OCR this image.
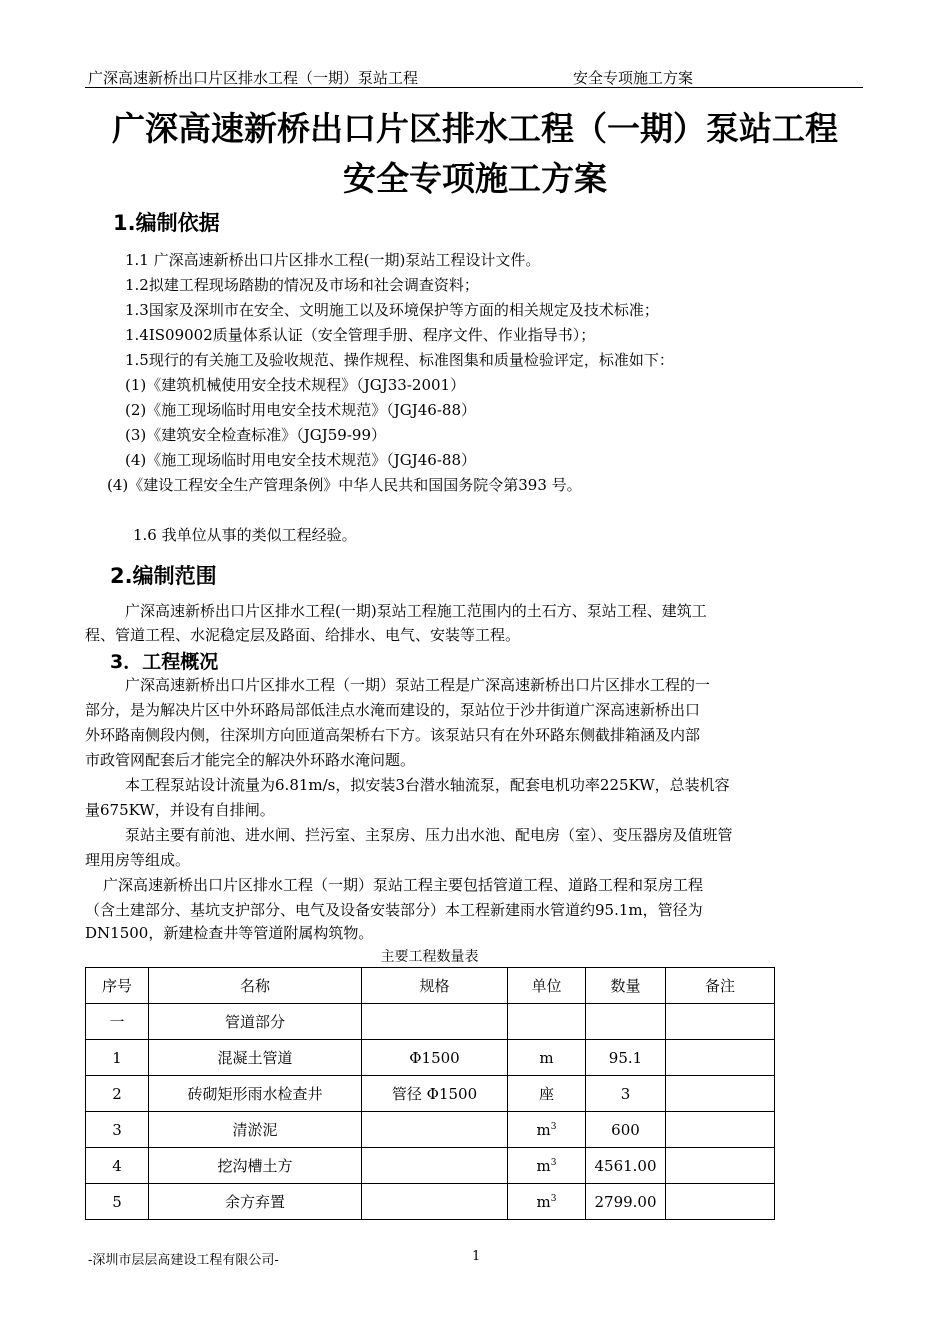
广深高速新桥出口片区排水工程（一期）泵站工程	安全专项施工方案
广深高速新桥出口片区排水工程（一期）泵站工程
安全专项施工方案
1.编制依据
1.1 广深高速新桥出口片区排水工程(一期)泵站工程设计文件。
1.2拟建工程现场踏勘的情况及市场和社会调查资料；
1.3国家及深圳市在安全、文明施工以及环境保护等方面的相关规定及技术标准；
1.4IS09002质量体系认证（安全管理手册、程序文件、作业指导书）；
1.5现行的有关施工及验收规范、操作规程、标准图集和质量检验评定，标准如下：
(1)《建筑机械使用安全技术规程》（JGJ33-2001）
(2)《施工现场临时用电安全技术规范》（JGJ46-88）
(3)《建筑安全检查标准》（JGJ59-99）
(4)《施工现场临时用电安全技术规范》（JGJ46-88）
(4)《建设工程安全生产管理条例》中华人民共和国国务院令第393 号。
1.6 我单位从事的类似工程经验。
2.编制范围
广深高速新桥出口片区排水工程(一期)泵站工程施工范围内的土石方、泵站工程、建筑工
程、管道工程、水泥稳定层及路面、给排水、电气、安装等工程。
3．工程概况
广深高速新桥出口片区排水工程（一期）泵站工程是广深高速新桥出口片区排水工程的一
部分，是为解决片区中外环路局部低洼点水淹而建设的，泵站位于沙井街道广深高速新桥出口
外环路南侧段内侧，往深圳方向匝道高架桥右下方。该泵站只有在外环路东侧截排箱涵及内部
市政管网配套后才能完全的解决外环路水淹问题。
本工程泵站设计流量为6.81m/s，拟安装3台潜水轴流泵，配套电机功率225KW，总装机容
量675KW，并设有自排闸。
泵站主要有前池、进水闸、拦污室、主泵房、压力出水池、配电房（室）、变压器房及值班管
理用房等组成。
广深高速新桥出口片区排水工程（一期）泵站工程主要包括管道工程、道路工程和泵房工程
（含土建部分、基坑支护部分、电气及设备安装部分）本工程新建雨水管道约95.1m，管径为
DN1500，新建检查井等管道附属构筑物。
主要工程数量表
序号	名称	规格	单位	数量	备注
一	管道部分				
1	混凝土管道	Φ1500	m	95.1	
2	砖砌矩形雨水检查井	管径 Φ1500	座	3	
3	清淤泥		$m^3$	600	
4	挖沟槽土方		$m^3$	4561.00	
5	余方弃置		$m^3$	2799.00	
-深圳市层层高建设工程有限公司-	1
